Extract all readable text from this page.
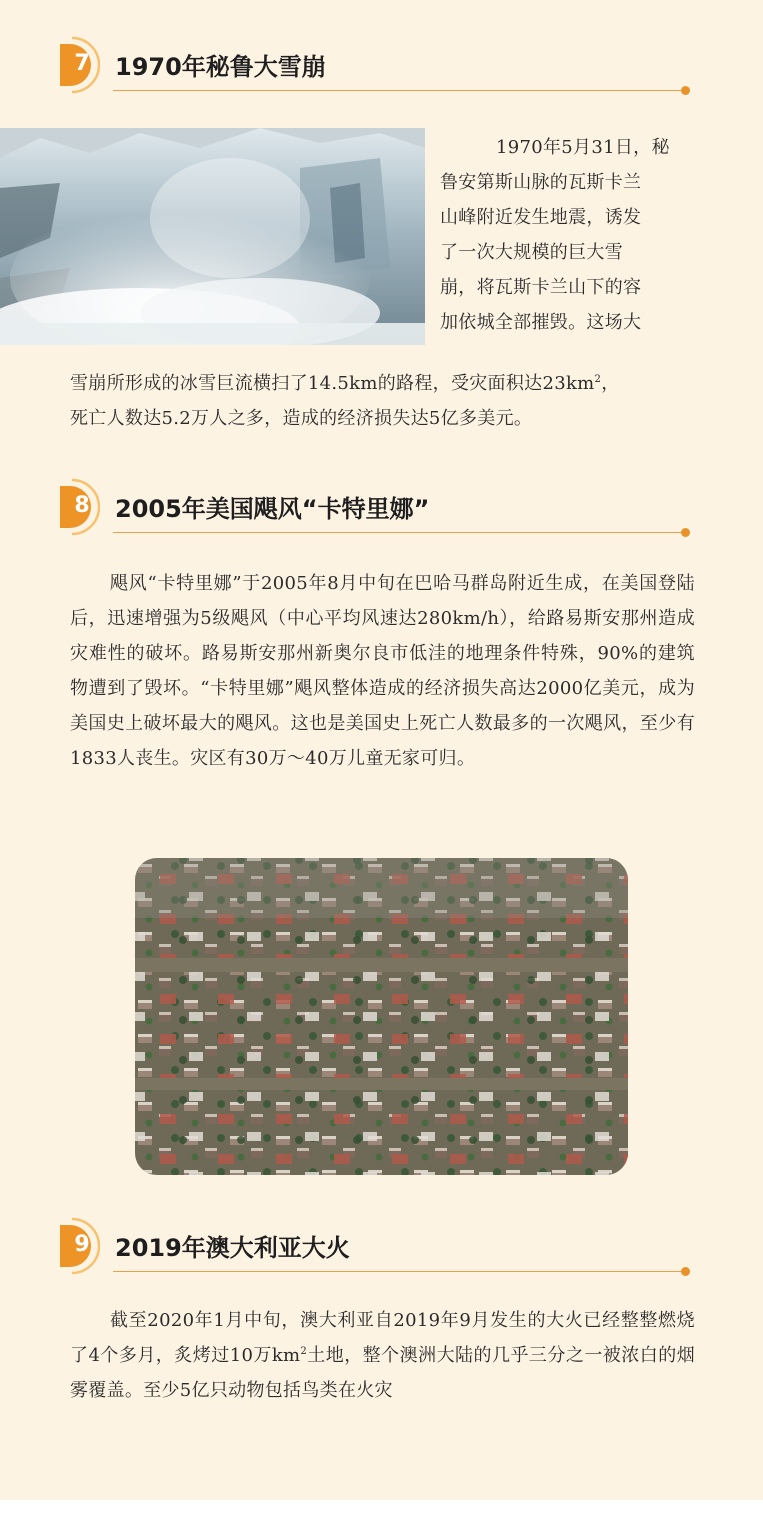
7 1970年秘鲁大雪崩
1970年5月31日，秘
鲁安第斯山脉的瓦斯卡兰
山峰附近发生地震，诱发
了一次大规模的巨大雪
崩，将瓦斯卡兰山下的容
加依城全部摧毁。这场大
雪崩所形成的冰雪巨流横扫了14.5km的路程，受灾面积达$23km^2$，
死亡人数达5.2万人之多，造成的经济损失达5亿多美元。
8 2005年美国飓风“卡特里娜”

飓风“卡特里娜”于2005年8月中旬在巴哈马群岛附近生成，在美国登陆后，迅速增强为5级飓风（中心平均风速达280km/h），给路易斯安那州造成灾难性的破坏。路易斯安那州新奥尔良市低洼的地理条件特殊，90%的建筑物遭到了毁坏。“卡特里娜”飓风整体造成的经济损失高达2000亿美元，成为美国史上破坏最大的飓风。这也是美国史上死亡人数最多的一次飓风，至少有1833人丧生。灾区有30万～40万儿童无家可归。

9 2019年澳大利亚大火

截至2020年1月中旬，澳大利亚自2019年9月发生的大火已经整整燃烧了4个多月，炙烤过10万$km^2$土地，整个澳洲大陆的几乎三分之一被浓白的烟雾覆盖。至少5亿只动物包括鸟类在火灾
